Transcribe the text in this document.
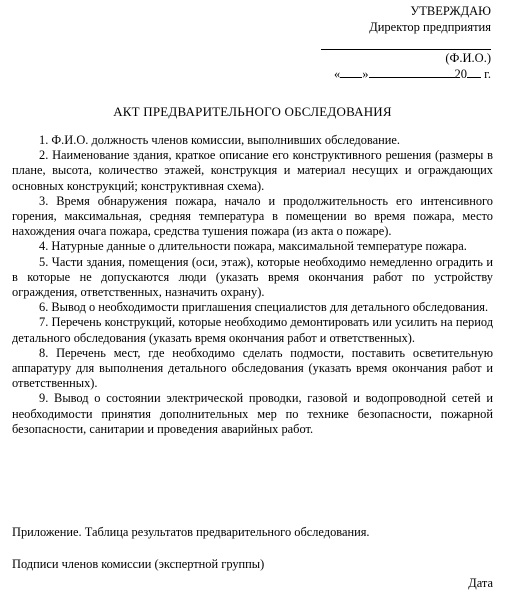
УТВЕРЖДАЮ
Директор предприятия
(Ф.И.О.)
« »	20 г.
АКТ ПРЕДВАРИТЕЛЬНОГО ОБСЛЕДОВАНИЯ

1. Ф.И.О. должность членов комиссии, выполнивших обследование.

2. Наименование здания, краткое описание его конструктивного решения (размеры в плане, высота, количество этажей, конструкция и материал несущих и ограждающих основных конструкций; конструктивная схема).

3. Время обнаружения пожара, начало и продолжительность его интенсивного горения, максимальная, средняя температура в помещении во время пожара, место нахождения очага пожара, средства тушения пожара (из акта о пожаре).

4. Натурные данные о длительности пожара, максимальной температуре пожара.

5. Части здания, помещения (оси, этаж), которые необходимо немедленно оградить и в которые не допускаются люди (указать время окончания работ по устройству ограждения, ответственных, назначить охрану).

6. Вывод о необходимости приглашения специалистов для детального обследования.

7. Перечень конструкций, которые необходимо демонтировать или усилить на период детального обследования (указать время окончания работ и ответственных).

8. Перечень мест, где необходимо сделать подмости, поставить осветительную аппаратуру для выполнения детального обследования (указать время окончания работ и ответственных).

9. Вывод о состоянии электрической проводки, газовой и водопроводной сетей и необходимости принятия дополнительных мер по технике безопасности, пожарной безопасности, санитарии и проведения аварийных работ.

Приложение. Таблица результатов предварительного обследования.
Подписи членов комиссии (экспертной группы)
Дата
